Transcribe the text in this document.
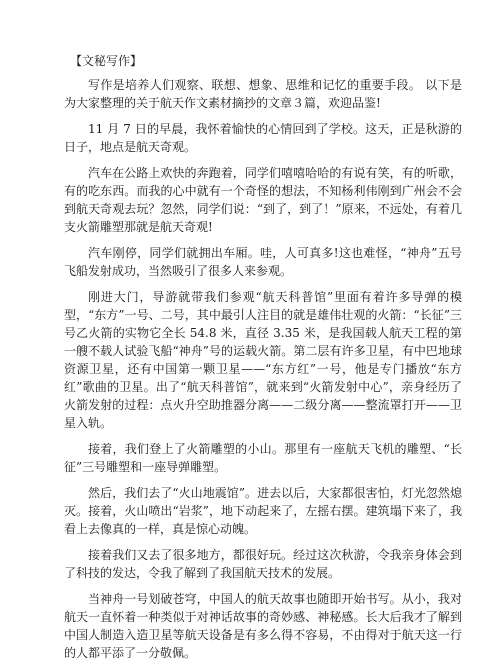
【文秘写作】

写作是培养人们观察、联想、想象、思维和记忆的重要手段。 以下是为大家整理的关于航天作文素材摘抄的文章３篇，欢迎品鉴!

11 月 7 日的早晨，我怀着愉快的心情回到了学校。这天，正是秋游的日子，地点是航天奇观。

汽车在公路上欢快的奔跑着，同学们嘻嘻哈哈的有说有笑，有的听歌，有的吃东西。而我的心中就有一个奇怪的想法，不知杨利伟刚到广州会不会到航天奇观去玩？忽然，同学们说：“到了，到了！”原来，不远处，有着几支火箭雕塑那就是航天奇观!

汽车刚停，同学们就拥出车厢。哇，人可真多!这也难怪，“神舟”五号飞船发射成功，当然吸引了很多人来参观。

刚进大门，导游就带我们参观“航天科普馆”里面有着许多导弹的模型，“东方”一号、二号，其中最引人注目的就是雄伟壮观的火箭：“长征”三号乙火箭的实物它全长 54.8 米，直径 3.35 米，是我国载人航天工程的第一艘不载人试验飞船“神舟”号的运载火箭。第二层有许多卫星，有中巴地球资源卫星，还有中国第一颗卫星——“东方红”一号，他是专门播放“东方红”歌曲的卫星。出了“航天科普馆”，就来到“火箭发射中心”，亲身经历了火箭发射的过程：点火升空助推器分离——二级分离——整流罩打开——卫星入轨。

接着，我们登上了火箭雕塑的小山。那里有一座航天飞机的雕塑、“长征”三号雕塑和一座导弹雕塑。

然后，我们去了“火山地震馆”。进去以后，大家都很害怕，灯光忽然熄灭。接着，火山喷出“岩浆”，地下动起来了，左摇右摆。建筑塌下来了，我看上去像真的一样，真是惊心动魄。

接着我们又去了很多地方，都很好玩。经过这次秋游，令我亲身体会到了科技的发达，令我了解到了我国航天技术的发展。

当神舟一号划破苍穹，中国人的航天故事也随即开始书写。从小，我对航天一直怀着一种类似于对神话故事的奇妙感、神秘感。长大后我才了解到中国人制造入造卫星等航天设备是有多么得不容易，不由得对于航天这一行的人都平添了一分敬佩。
